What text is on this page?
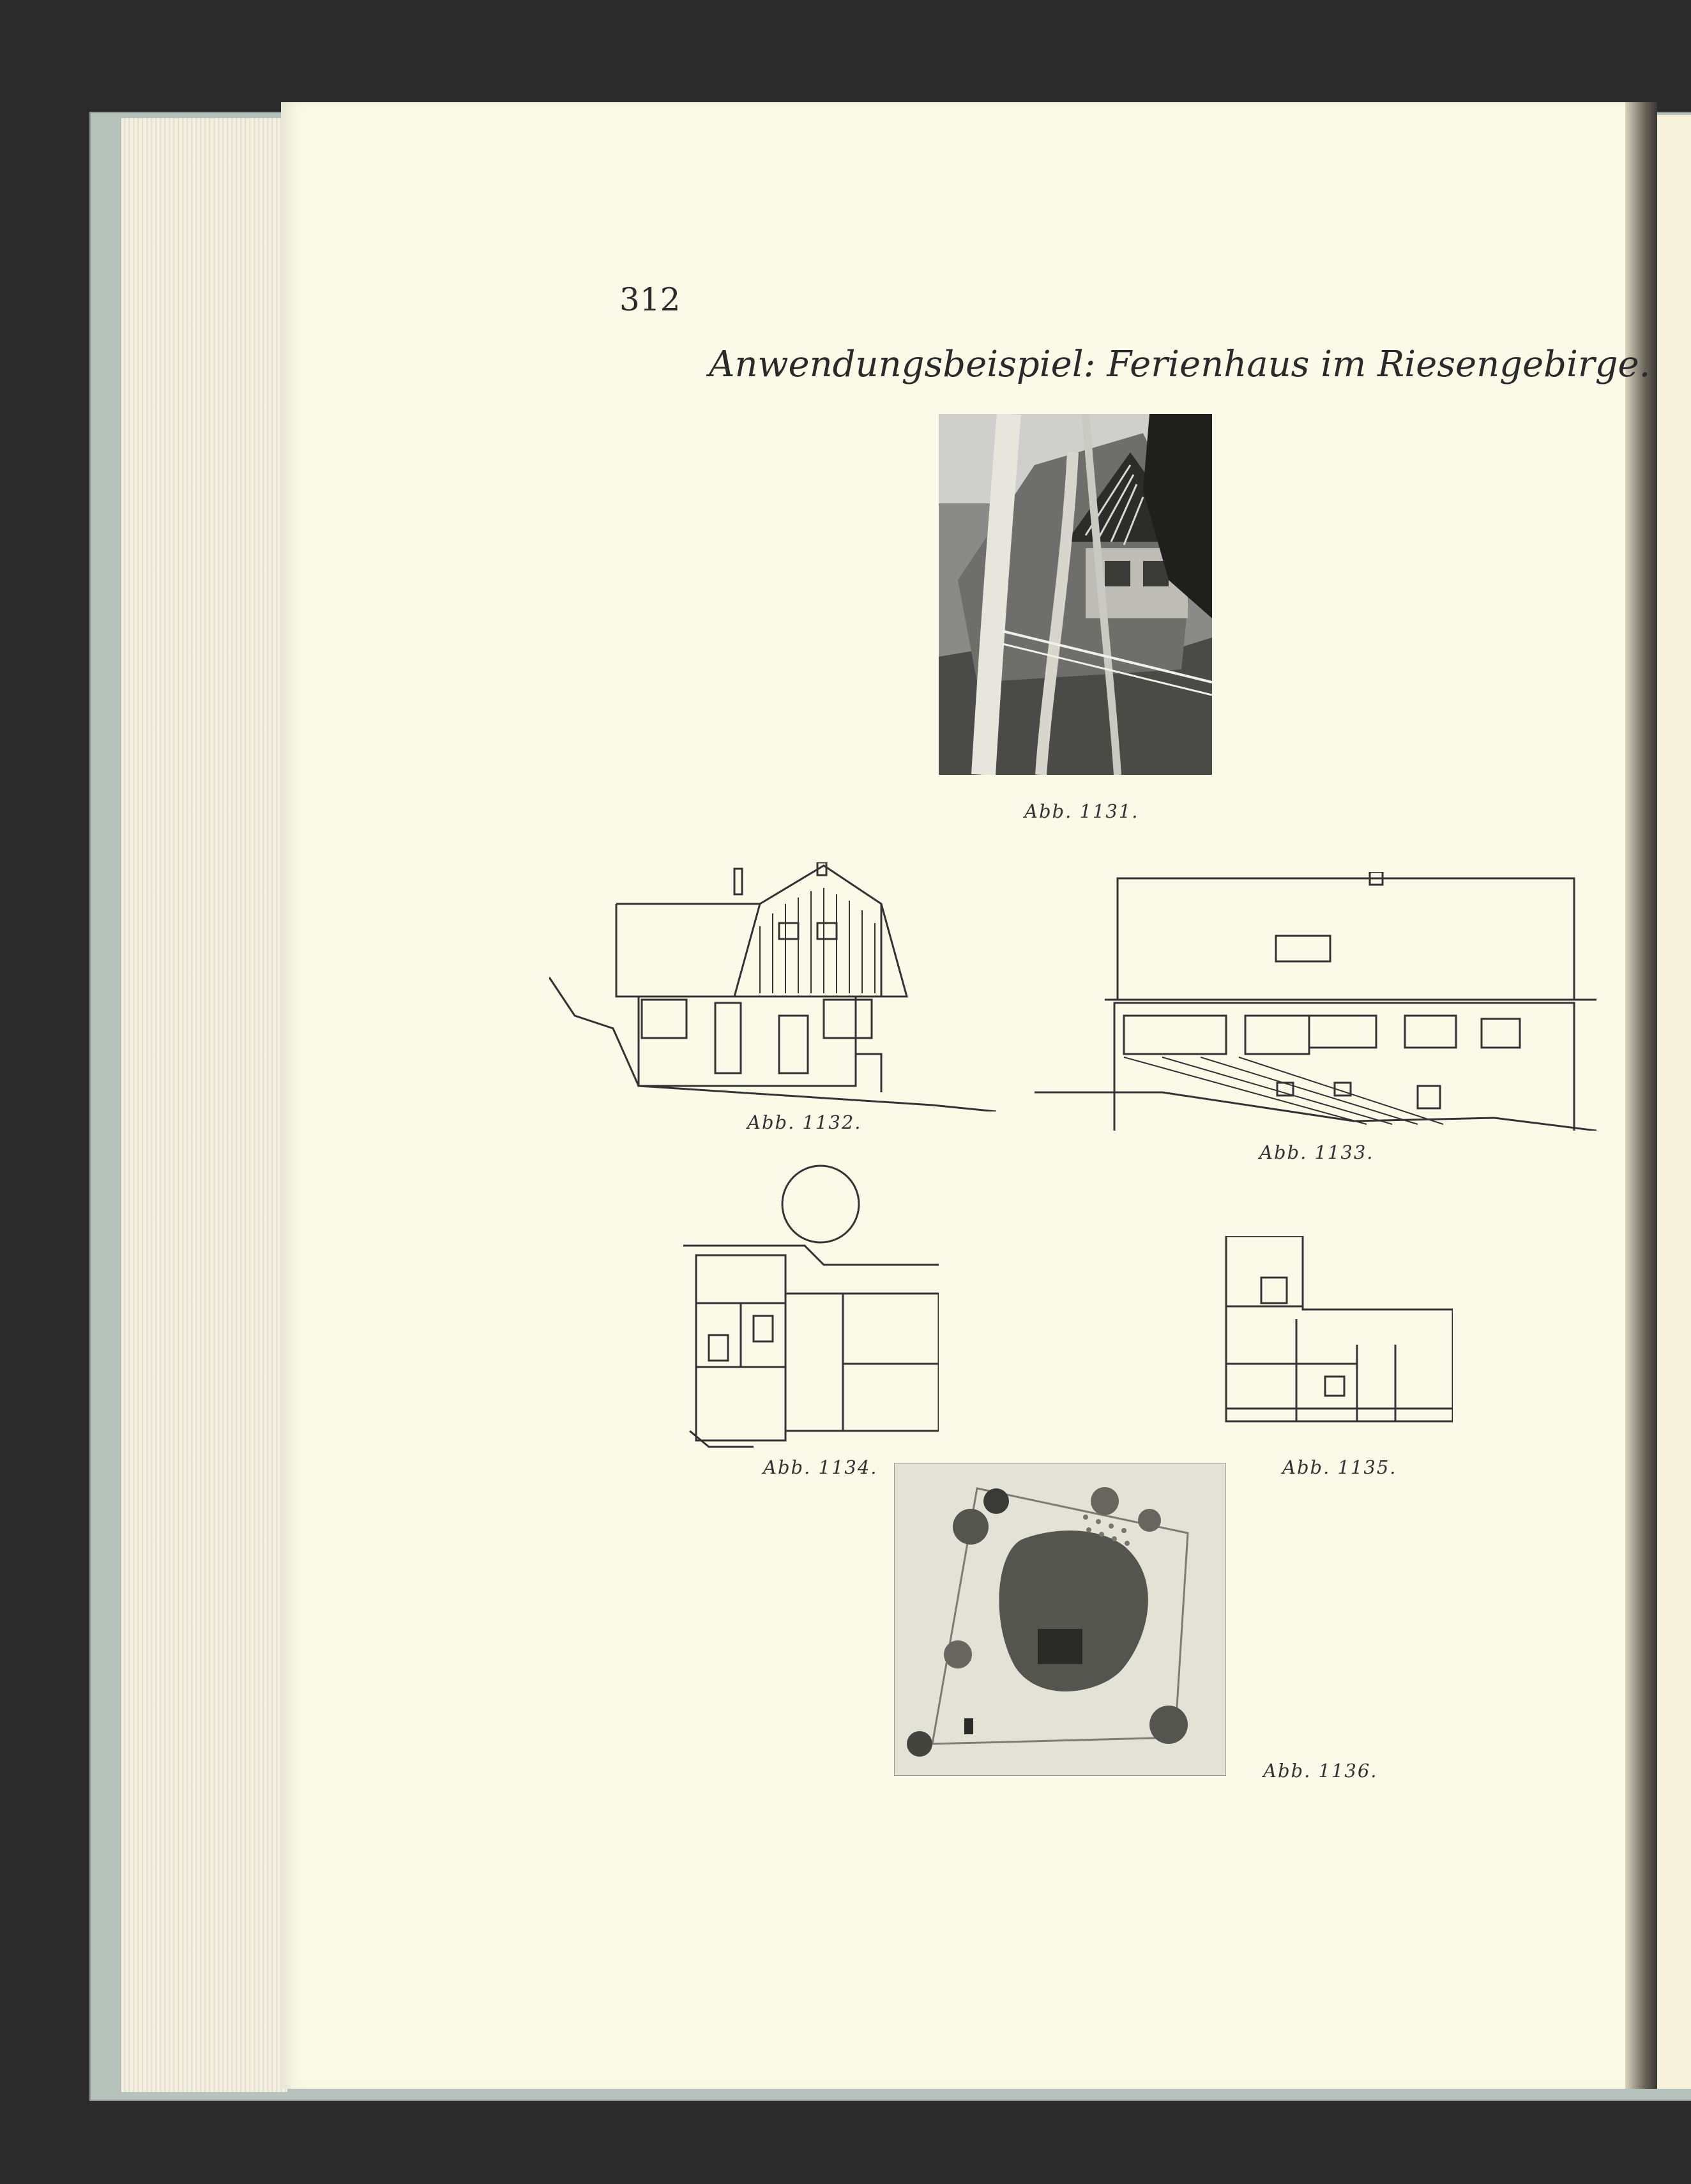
312
Anwendungsbeispiel: Ferienhaus im Riesengebirge.
Abb. 1131.
Abb. 1132.
Abb. 1133.
Abb. 1134.	Abb. 1135.
Abb. 1136.
